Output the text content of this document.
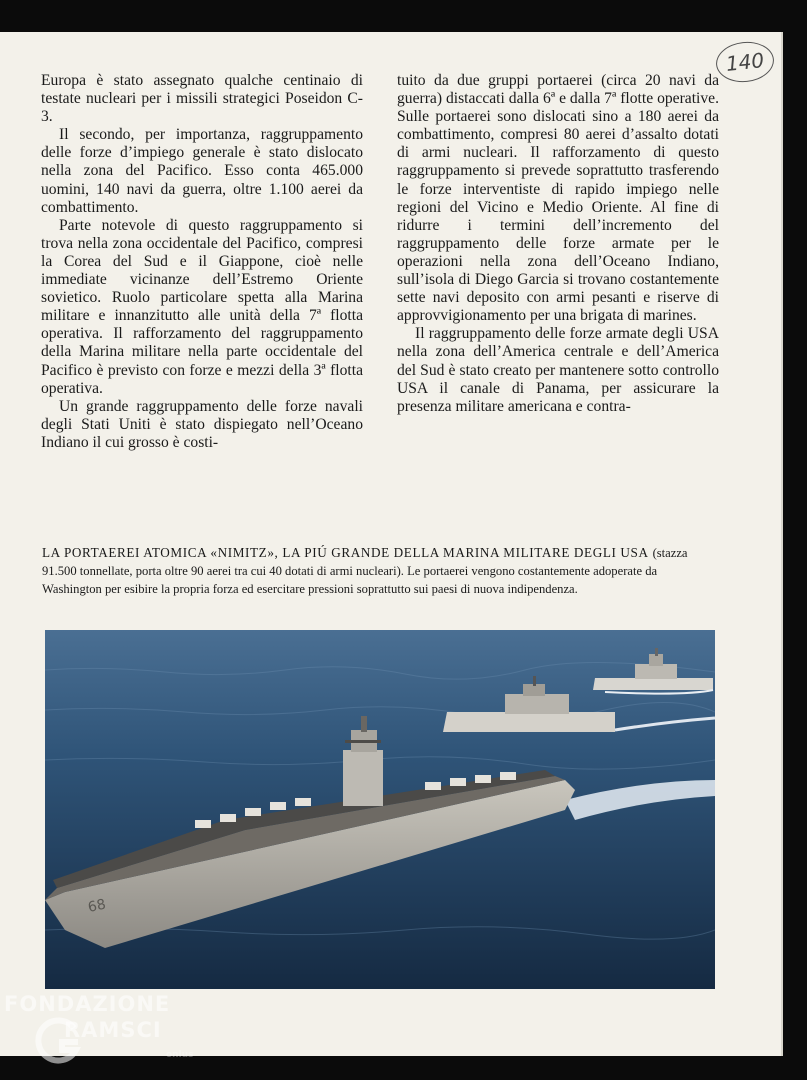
140

Europa è stato assegnato qualche centinaio di testate nucleari per i missili strategici Poseidon C-3.

Il secondo, per importanza, raggruppamento delle forze d’impiego generale è stato dislocato nella zona del Pacifico. Esso conta 465.000 uomini, 140 navi da guerra, oltre 1.100 aerei da combattimento.

Parte notevole di questo raggruppamento si trova nella zona occidentale del Pacifico, compresi la Corea del Sud e il Giappone, cioè nelle immediate vicinanze dell’Estremo Oriente sovietico. Ruolo particolare spetta alla Marina militare e innanzitutto alle unità della 7ª flotta operativa. Il rafforzamento del raggruppamento della Marina militare nella parte occidentale del Pacifico è previsto con forze e mezzi della 3ª flotta operativa.

Un grande raggruppamento delle forze navali degli Stati Uniti è stato dispiegato nell’Oceano Indiano il cui grosso è costi-

tuito da due gruppi portaerei (circa 20 navi da guerra) distaccati dalla 6ª e dalla 7ª flotte operative. Sulle portaerei sono dislocati sino a 180 aerei da combattimento, compresi 80 aerei d’assalto dotati di armi nucleari. Il rafforzamento di questo raggruppamento si prevede soprattutto trasferendo le forze interventiste di rapido impiego nelle regioni del Vicino e Medio Oriente. Al fine di ridurre i termini dell’incremento del raggruppamento delle forze armate per le operazioni nella zona dell’Oceano Indiano, sull’isola di Diego Garcia si trovano costantemente sette navi deposito con armi pesanti e riserve di approvvigionamento per una brigata di marines.

Il raggruppamento delle forze armate degli USA nella zona dell’America centrale e dell’America del Sud è stato creato per mantenere sotto controllo USA il canale di Panama, per assicurare la presenza militare americana e contra-

LA PORTAEREI ATOMICA «NIMITZ», LA PIÚ GRANDE DELLA MARINA MILITARE DEGLI USA (stazza 91.500 tonnellate, porta oltre 90 aerei tra cui 40 dotati di armi nucleari). Le portaerei vengono costantemente adoperate da Washington per esibire la propria forza ed esercitare pressioni soprattutto sui paesi di nuova indipendenza.
68
FONDAZIONE
RAMSCI
onlus
